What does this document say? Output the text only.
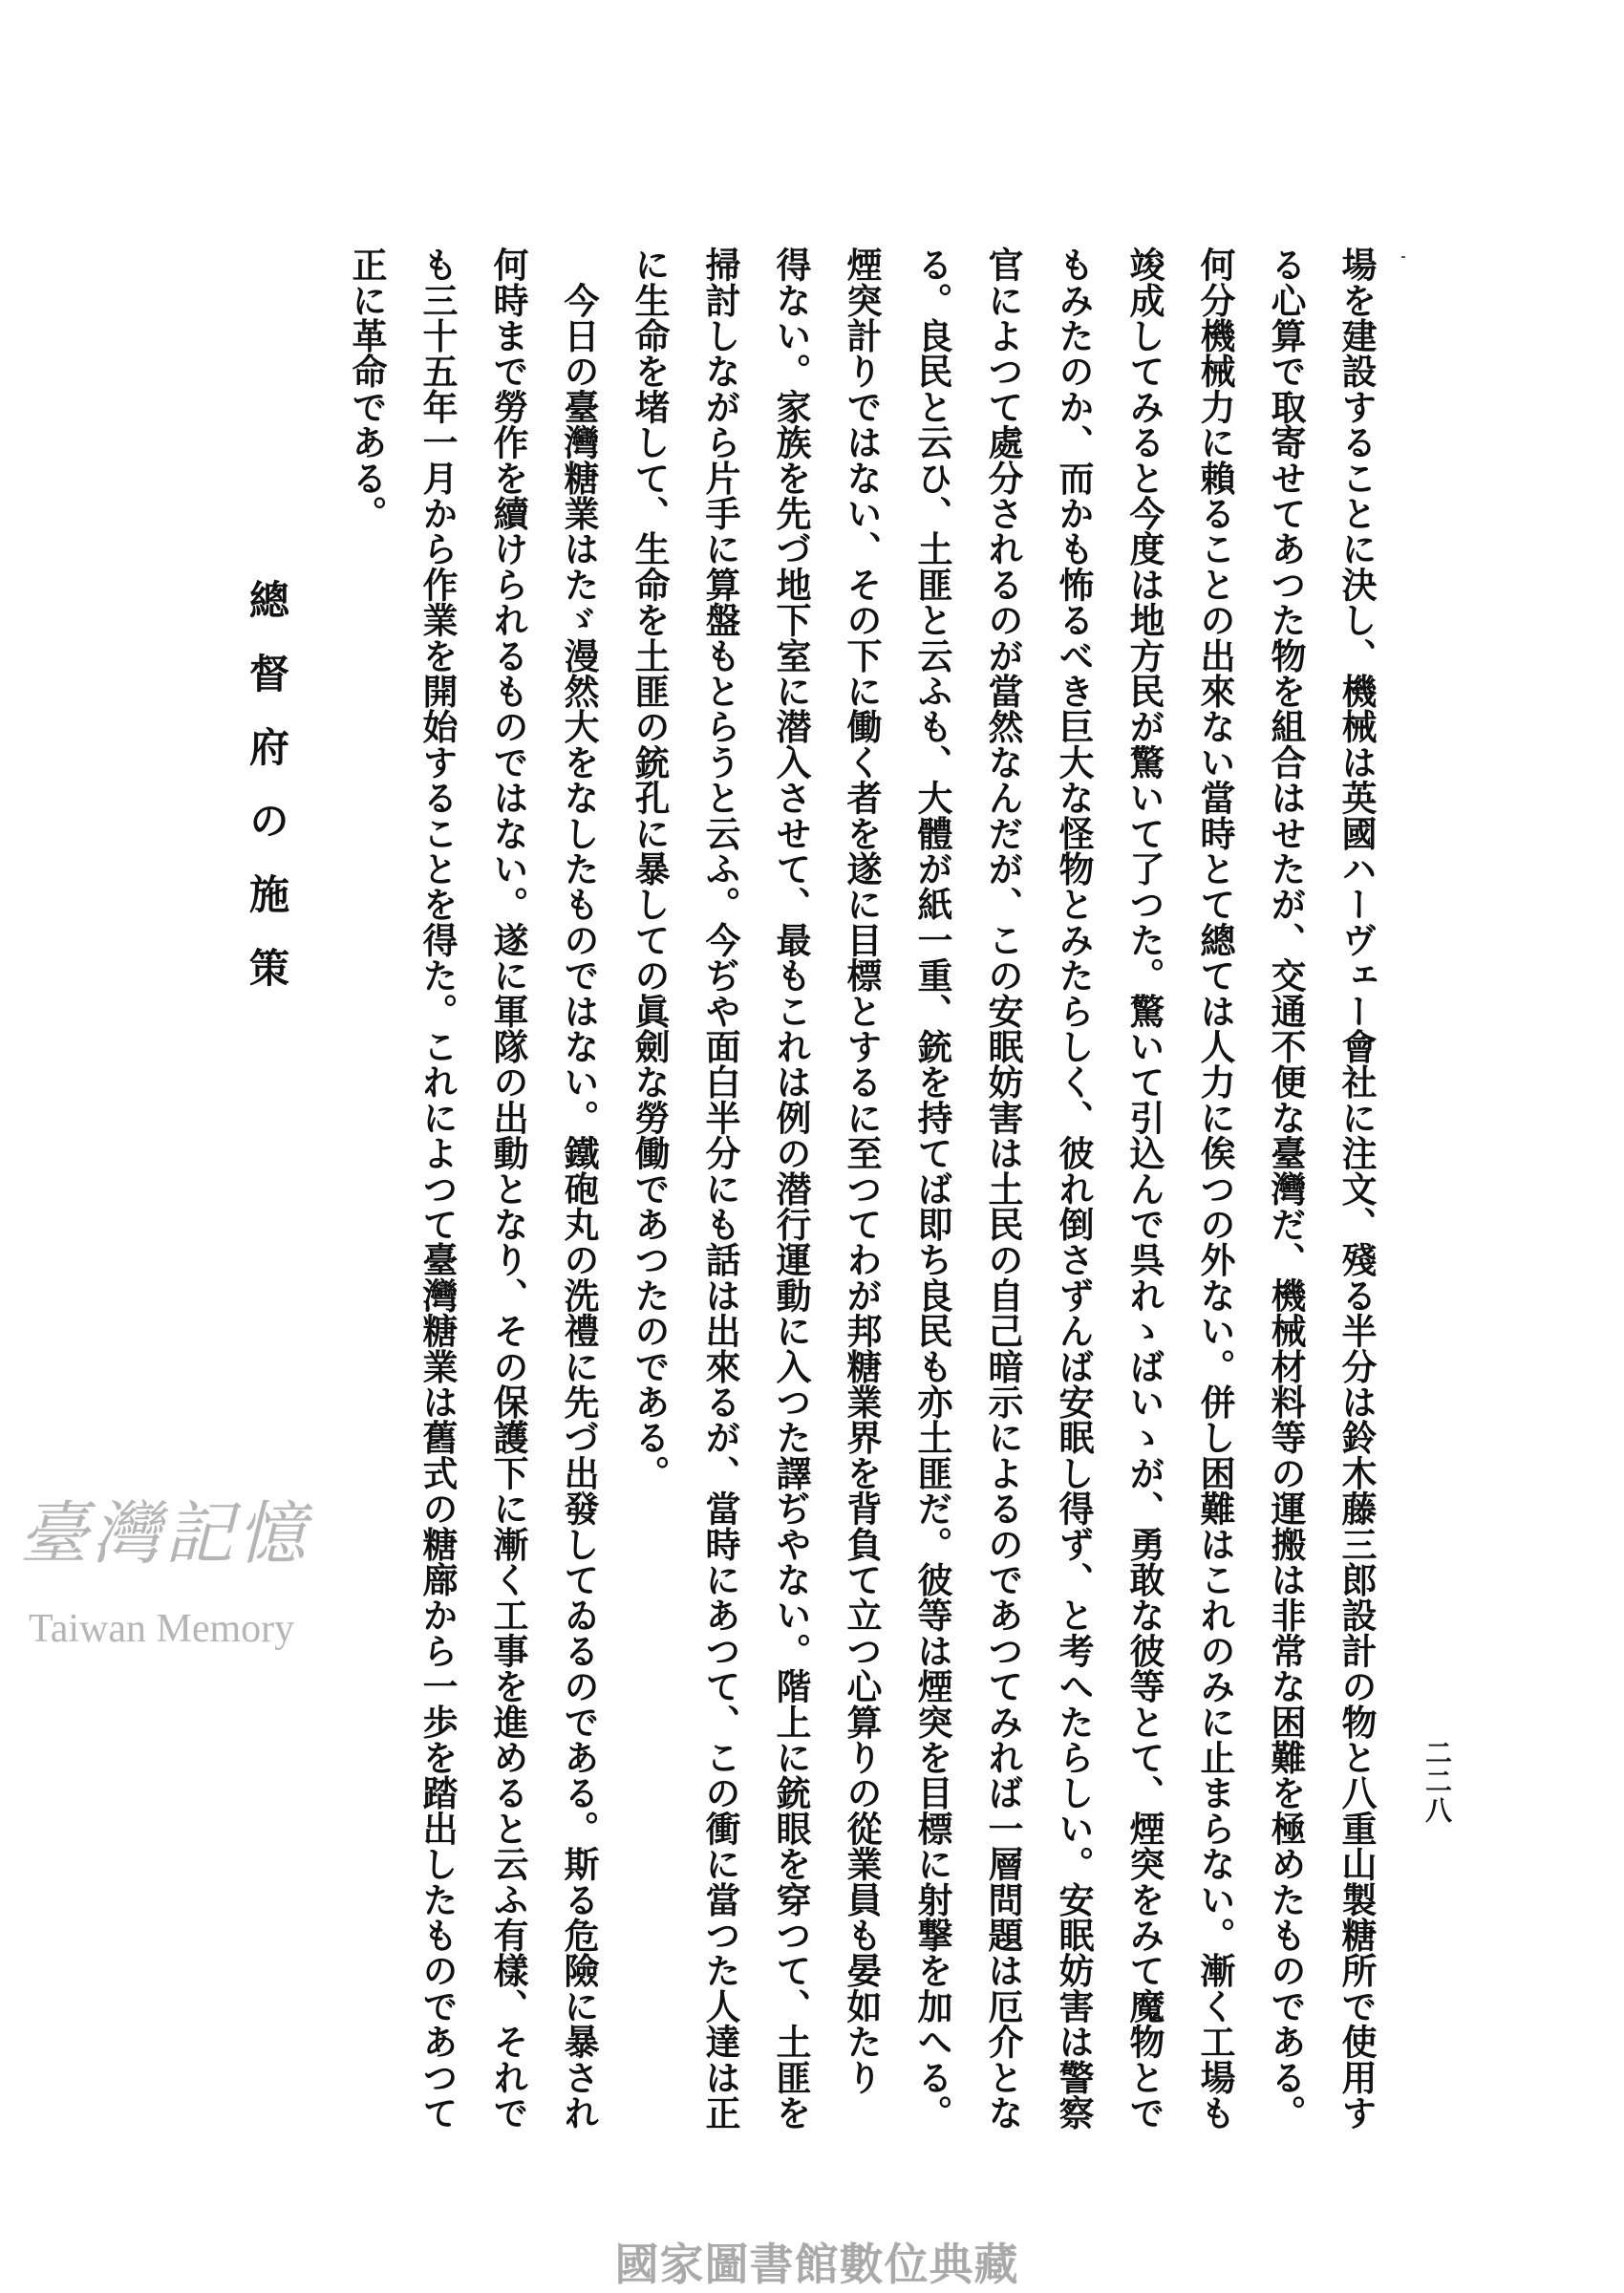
二二八
場を建設することに決し、機械は英國ハーヴェー會社に注文、殘る半分は鈴木藤三郎設計の物と八重山製糖所で使用す
る心算で取寄せてあつた物を組合はせたが、交通不便な臺灣だ、機械材料等の運搬は非常な困難を極めたものである。
何分機械力に賴ることの出來ない當時とて總ては人力に俟つの外ない。併し困難はこれのみに止まらない。漸く工場も
竣成してみると今度は地方民が驚いて了つた。驚いて引込んで呉れゝばいゝが、勇敢な彼等とて、煙突をみて魔物とで
もみたのか、而かも怖るべき巨大な怪物とみたらしく、彼れ倒さずんば安眠し得ず、と考へたらしい。安眠妨害は警察
官によつて處分されるのが當然なんだが、この安眠妨害は土民の自己暗示によるのであつてみれば一層問題は厄介とな
る。良民と云ひ、土匪と云ふも、大體が紙一重、銃を持てば即ち良民も亦土匪だ。彼等は煙突を目標に射撃を加へる。
煙突計りではない、その下に働く者を遂に目標とするに至つてわが邦糖業界を背負て立つ心算りの從業員も晏如たり
得ない。家族を先づ地下室に潜入させて、最もこれは例の潜行運動に入つた譯ぢやない。階上に銃眼を穿つて、土匪を
掃討しながら片手に算盤もとらうと云ふ。今ぢや面白半分にも話は出來るが、當時にあつて、この衝に當つた人達は正
に生命を堵して、生命を土匪の銃孔に暴しての眞劍な勞働であつたのである。
　今日の臺灣糖業はたゞ漫然大をなしたものではない。鐵砲丸の洗禮に先づ出發してゐるのである。斯る危險に暴され
何時まで勞作を續けられるものではない。遂に軍隊の出動となり、その保護下に漸く工事を進めると云ふ有樣、それで
も三十五年一月から作業を開始することを得た。これによつて臺灣糖業は舊式の糖廍から一歩を踏出したものであつて
正に革命である。
總督府の施策
臺灣記憶
Taiwan Memory
國家圖書館數位典藏
